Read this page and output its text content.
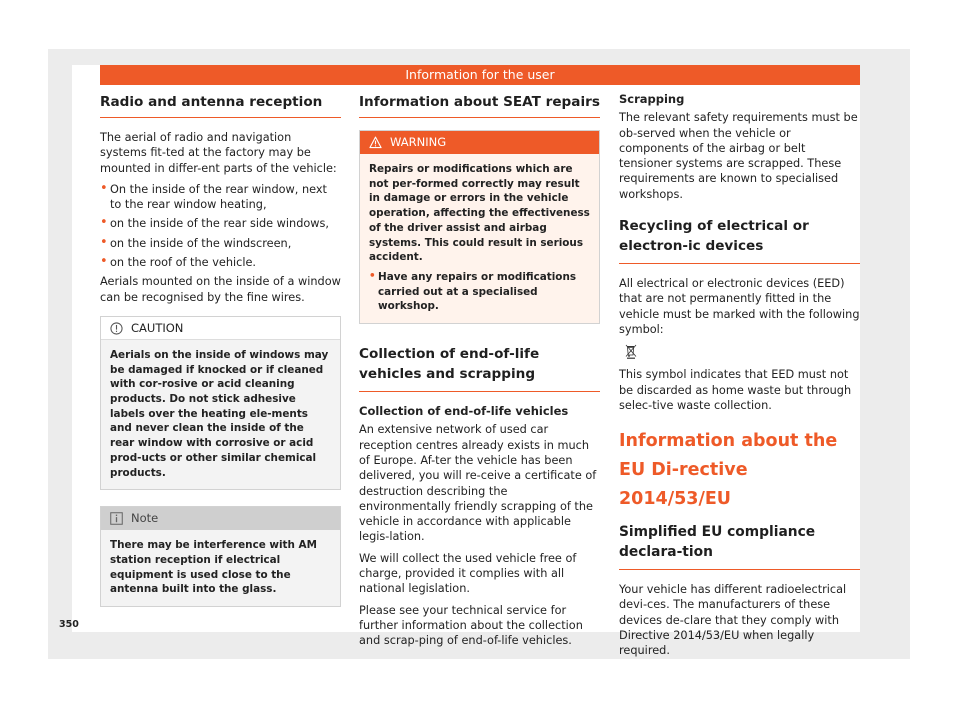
Information for the user
Radio and antenna reception

The aerial of radio and navigation systems fit-ted at the factory may be mounted in differ-ent parts of the vehicle:

• On the inside of the rear window, next to the rear window heating,
• on the inside of the rear side windows,
• on the inside of the windscreen,
• on the roof of the vehicle.

Aerials mounted on the inside of a window can be recognised by the fine wires.

CAUTION
Aerials on the inside of windows may be damaged if knocked or if cleaned with cor-rosive or acid cleaning products. Do not stick adhesive labels over the heating ele-ments and never clean the inside of the rear window with corrosive or acid prod-ucts or other similar chemical products.
Note
There may be interference with AM station reception if electrical equipment is used close to the antenna built into the glass.
Information about SEAT repairs
WARNING
Repairs or modifications which are not per-formed correctly may result in damage or errors in the vehicle operation, affecting the effectiveness of the driver assist and airbag systems. This could result in serious accident.
• Have any repairs or modifications carried out at a specialised workshop.
Collection of end-of-life vehicles and scrapping
Collection of end-of-life vehicles

An extensive network of used car reception centres already exists in much of Europe. Af-ter the vehicle has been delivered, you will re-ceive a certificate of destruction describing the environmentally friendly scrapping of the vehicle in accordance with applicable legis-lation.

We will collect the used vehicle free of charge, provided it complies with all national legislation.

Please see your technical service for further information about the collection and scrap-ping of end-of-life vehicles.

Scrapping

The relevant safety requirements must be ob-served when the vehicle or components of the airbag or belt tensioner systems are scrapped. These requirements are known to specialised workshops.

Recycling of electrical or electron-ic devices

All electrical or electronic devices (EED) that are not permanently fitted in the vehicle must be marked with the following symbol:

This symbol indicates that EED must not be discarded as home waste but through selec-tive waste collection.

Information about the EU Di-rective 2014/53/EU
Simplified EU compliance declara-tion

Your vehicle has different radioelectrical devi-ces. The manufacturers of these devices de-clare that they comply with Directive 2014/53/EU when legally required.

350
